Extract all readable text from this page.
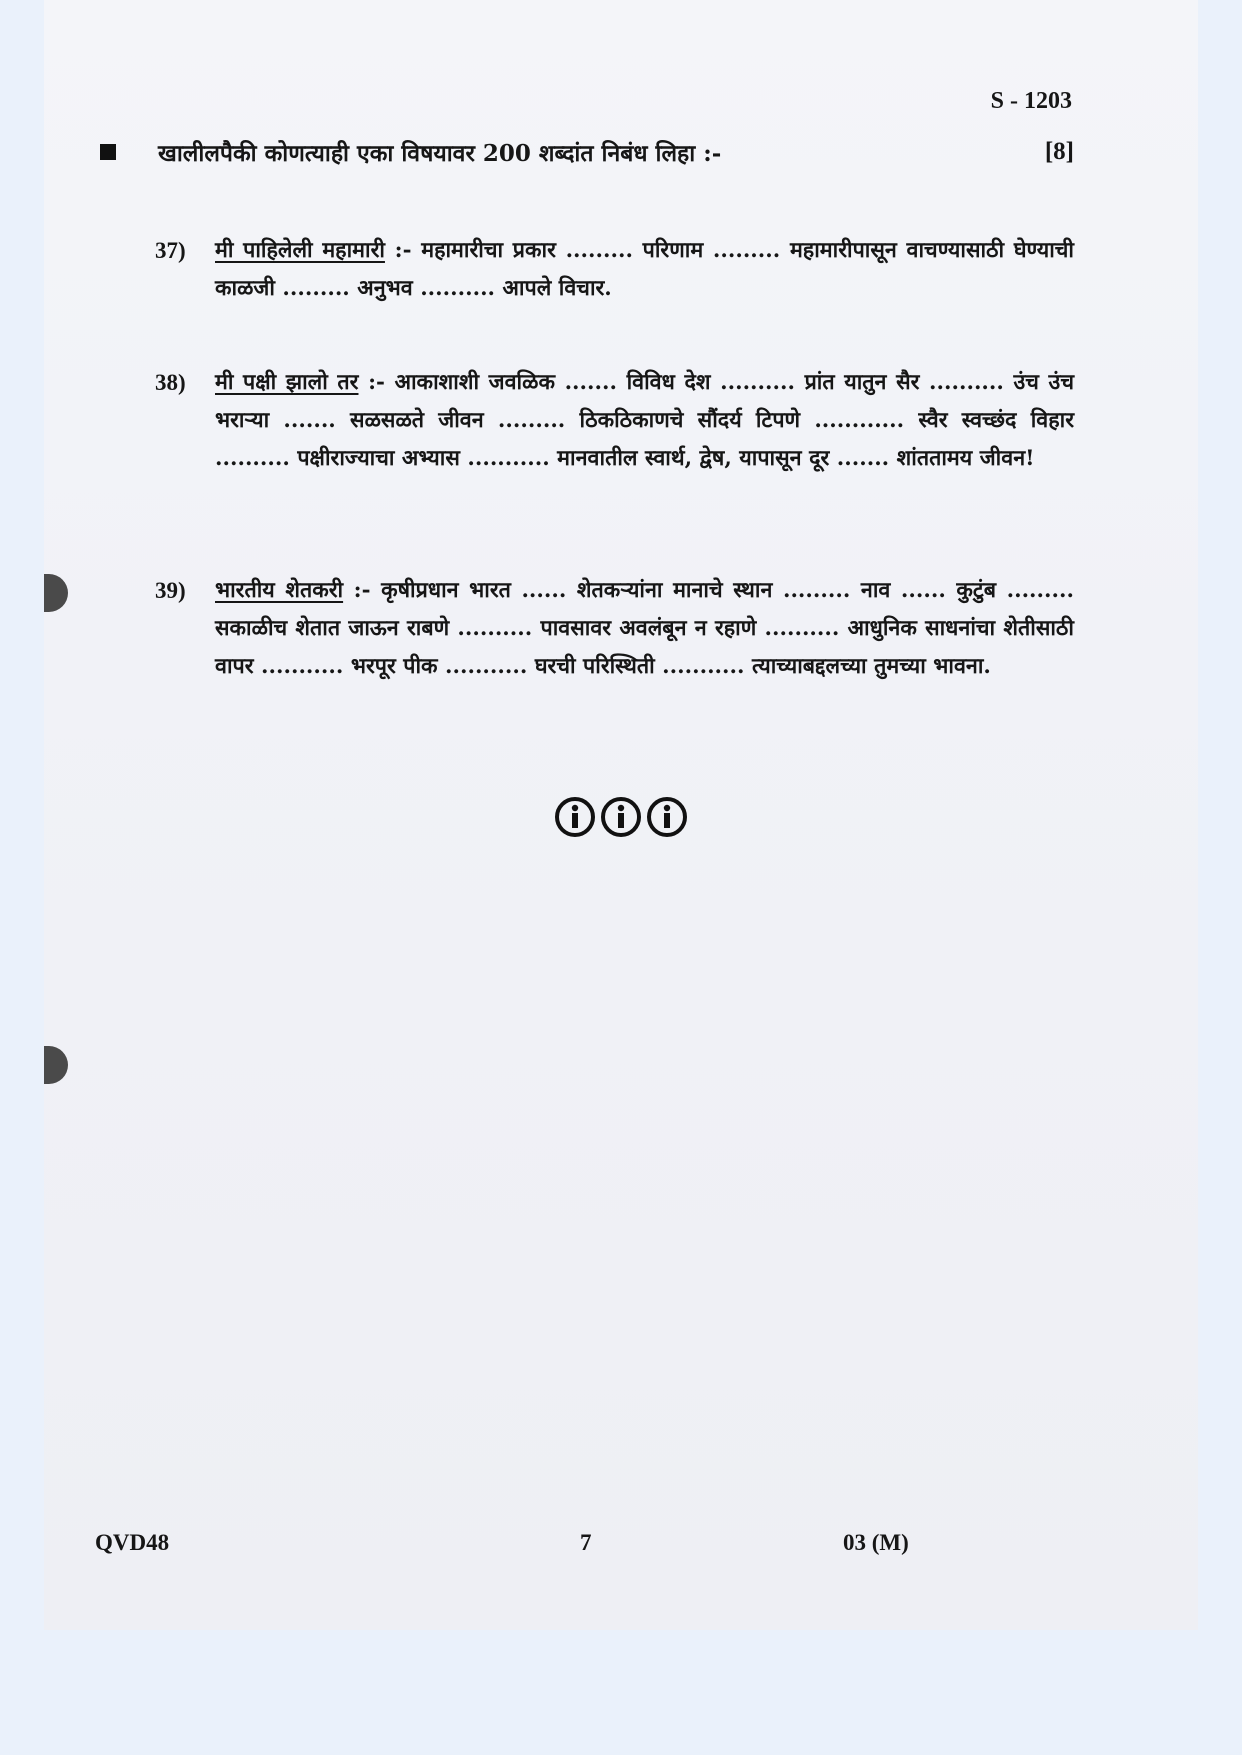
S - 1203
खालीलपैकी कोणत्याही एका विषयावर 200 शब्दांत निबंध लिहा :-	[8]
37)	मी पाहिलेली महामारी :- महामारीचा प्रकार ......... परिणाम ......... महामारीपासून वाचण्यासाठी घेण्याची काळजी ......... अनुभव .......... आपले विचार.
38)	मी पक्षी झालो तर :- आकाशाशी जवळिक ....... विविध देश .......... प्रांत यातुन सैर .......... उंच उंच भराऱ्या ....... सळसळते जीवन ......... ठिकठिकाणचे सौंदर्य टिपणे ............ स्वैर स्वच्छंद विहार .......... पक्षीराज्याचा अभ्यास ........... मानवातील स्वार्थ, द्वेष, यापासून दूर ....... शांततामय जीवन!
39)	भारतीय शेतकरी :- कृषीप्रधान भारत ...... शेतकऱ्यांना मानाचे स्थान ......... नाव ...... कुटुंब ......... सकाळीच शेतात जाऊन राबणे .......... पावसावर अवलंबून न रहाणे .......... आधुनिक साधनांचा शेतीसाठी वापर ........... भरपूर पीक ........... घरची परिस्थिती ........... त्याच्याबद्दलच्या तुमच्या भावना.
QVD48	7	03 (M)
